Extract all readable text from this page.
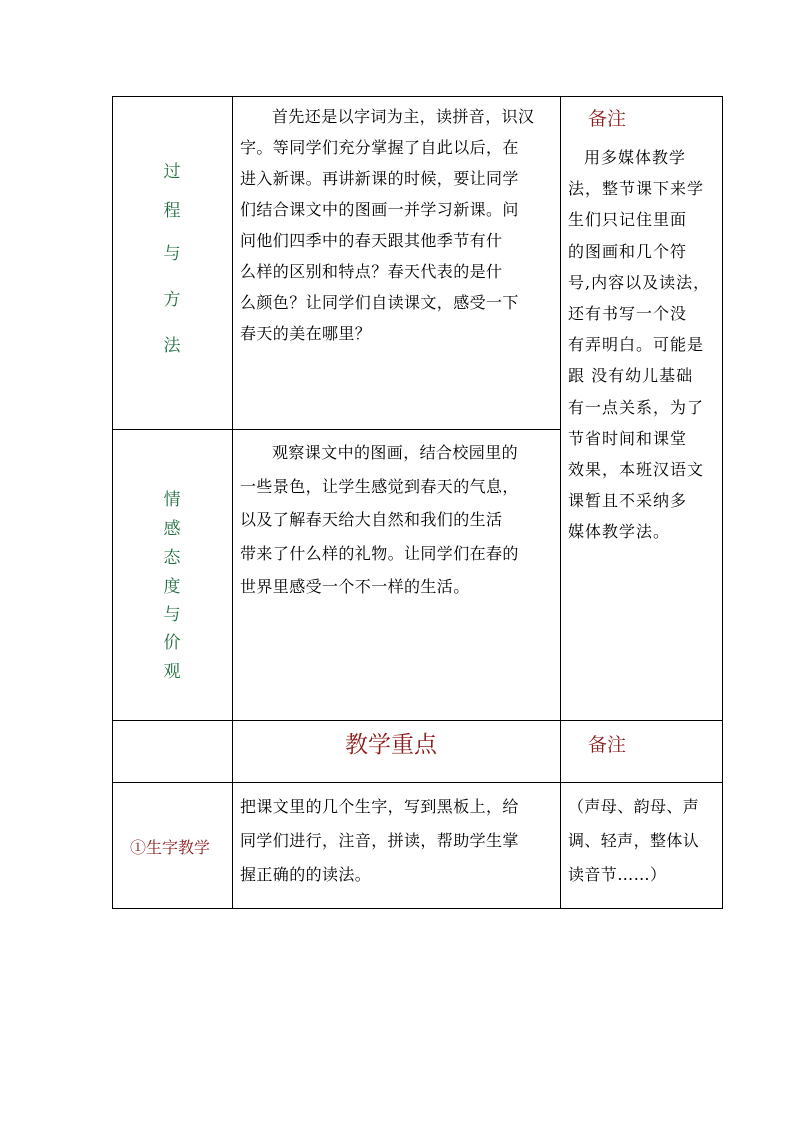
过
程
与
方
法
首先还是以字词为主，读拼音，识汉
字。等同学们充分掌握了自此以后，在
进入新课。再讲新课的时候，要让同学
们结合课文中的图画一并学习新课。问
问他们四季中的春天跟其他季节有什
么样的区别和特点？春天代表的是什
么颜色？让同学们自读课文，感受一下
春天的美在哪里？
备注
用多媒体教学
法，整节课下来学
生们只记住里面
的图画和几个符
号,内容以及读法，
还有书写一个没
有弄明白。可能是
跟 没有幼儿基础
有一点关系，为了
节省时间和课堂
效果，本班汉语文
课暂且不采纳多
媒体教学法。
情
感
态
度
与
价
观
观察课文中的图画，结合校园里的
一些景色，让学生感觉到春天的气息，
以及了解春天给大自然和我们的生活
带来了什么样的礼物。让同学们在春的
世界里感受一个不一样的生活。
教学重点	备注
①生字教学
把课文里的几个生字，写到黑板上，给
同学们进行，注音，拼读，帮助学生掌
握正确的的读法。
（声母、韵母、声
调、轻声，整体认
读音节……）
